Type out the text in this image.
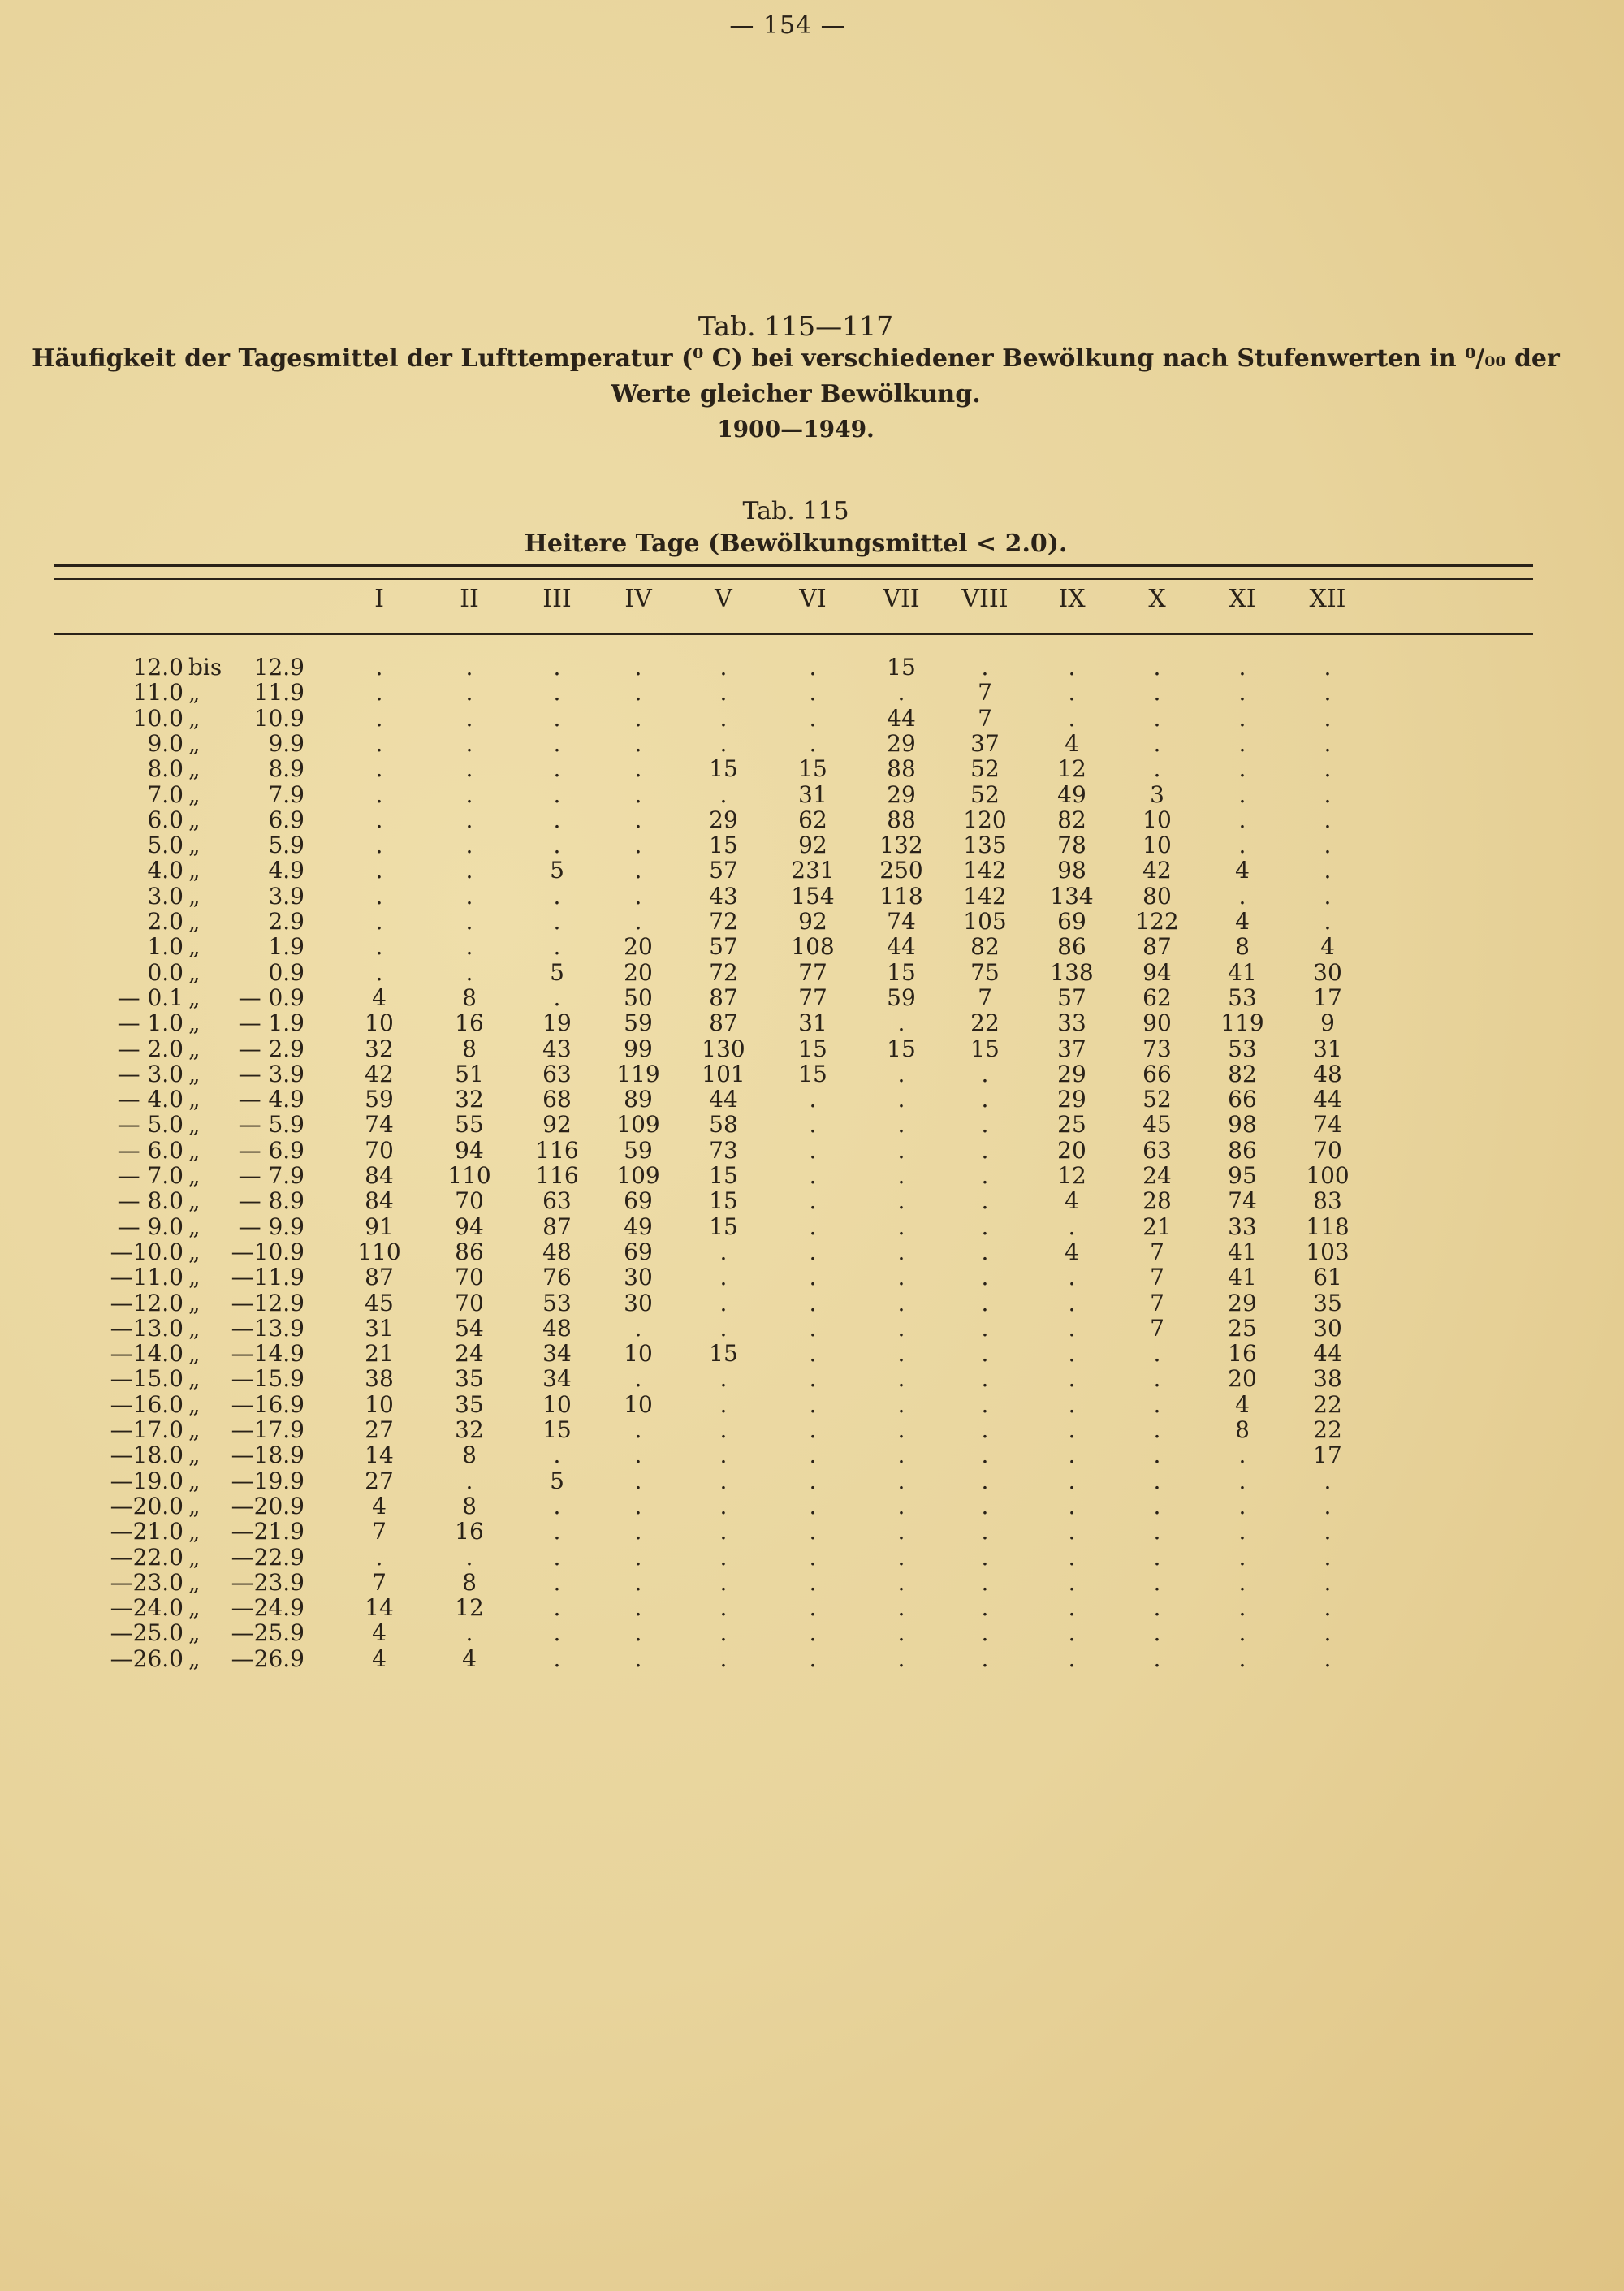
— 154 —
Tab. 115—117
Häufigkeit der Tagesmittel der Lufttemperatur (⁰ C) bei verschiedener Bewölkung nach Stufenwerten in ⁰/₀₀ der
Werte gleicher Bewölkung.
1900—1949.
Tab. 115
Heitere Tage (Bewölkungsmittel < 2.0).
I	II	III	IV	V	VI	VII	VIII	IX	X	XI	XII
12.0 bis	12.9	.	.	.	.	.	.	15	.	.	.	.	.
11.0 „	11.9	.	.	.	.	.	.	.	7	.	.	.	.
10.0 „	10.9	.	.	.	.	.	.	44	7	.	.	.	.
9.0 „	9.9	.	.	.	.	.	.	29	37	4	.	.	.
8.0 „	8.9	.	.	.	.	15	15	88	52	12	.	.	.
7.0 „	7.9	.	.	.	.	.	31	29	52	49	3	.	.
6.0 „	6.9	.	.	.	.	29	62	88	120	82	10	.	.
5.0 „	5.9	.	.	.	.	15	92	132	135	78	10	.	.
4.0 „	4.9	.	.	5	.	57	231	250	142	98	42	4	.
3.0 „	3.9	.	.	.	.	43	154	118	142	134	80	.	.
2.0 „	2.9	.	.	.	.	72	92	74	105	69	122	4	.
1.0 „	1.9	.	.	.	20	57	108	44	82	86	87	8	4
0.0 „	0.9	.	.	5	20	72	77	15	75	138	94	41	30
— 0.1 „	— 0.9	4	8	.	50	87	77	59	7	57	62	53	17
— 1.0 „	— 1.9	10	16	19	59	87	31	.	22	33	90	119	9
— 2.0 „	— 2.9	32	8	43	99	130	15	15	15	37	73	53	31
— 3.0 „	— 3.9	42	51	63	119	101	15	.	.	29	66	82	48
— 4.0 „	— 4.9	59	32	68	89	44	.	.	.	29	52	66	44
— 5.0 „	— 5.9	74	55	92	109	58	.	.	.	25	45	98	74
— 6.0 „	— 6.9	70	94	116	59	73	.	.	.	20	63	86	70
— 7.0 „	— 7.9	84	110	116	109	15	.	.	.	12	24	95	100
— 8.0 „	— 8.9	84	70	63	69	15	.	.	.	4	28	74	83
— 9.0 „	— 9.9	91	94	87	49	15	.	.	.	.	21	33	118
—10.0 „	—10.9	110	86	48	69	.	.	.	.	4	7	41	103
—11.0 „	—11.9	87	70	76	30	.	.	.	.	.	7	41	61
—12.0 „	—12.9	45	70	53	30	.	.	.	.	.	7	29	35
—13.0 „	—13.9	31	54	48	.	.	.	.	.	.	7	25	30
—14.0 „	—14.9	21	24	34	10	15	.	.	.	.	.	16	44
—15.0 „	—15.9	38	35	34	.	.	.	.	.	.	.	20	38
—16.0 „	—16.9	10	35	10	10	.	.	.	.	.	.	4	22
—17.0 „	—17.9	27	32	15	.	.	.	.	.	.	.	8	22
—18.0 „	—18.9	14	8	.	.	.	.	.	.	.	.	.	17
—19.0 „	—19.9	27	.	5	.	.	.	.	.	.	.	.	.
—20.0 „	—20.9	4	8	.	.	.	.	.	.	.	.	.	.
—21.0 „	—21.9	7	16	.	.	.	.	.	.	.	.	.	.
—22.0 „	—22.9	.	.	.	.	.	.	.	.	.	.	.	.
—23.0 „	—23.9	7	8	.	.	.	.	.	.	.	.	.	.
—24.0 „	—24.9	14	12	.	.	.	.	.	.	.	.	.	.
—25.0 „	—25.9	4	.	.	.	.	.	.	.	.	.	.	.
—26.0 „	—26.9	4	4	.	.	.	.	.	.	.	.	.	.
